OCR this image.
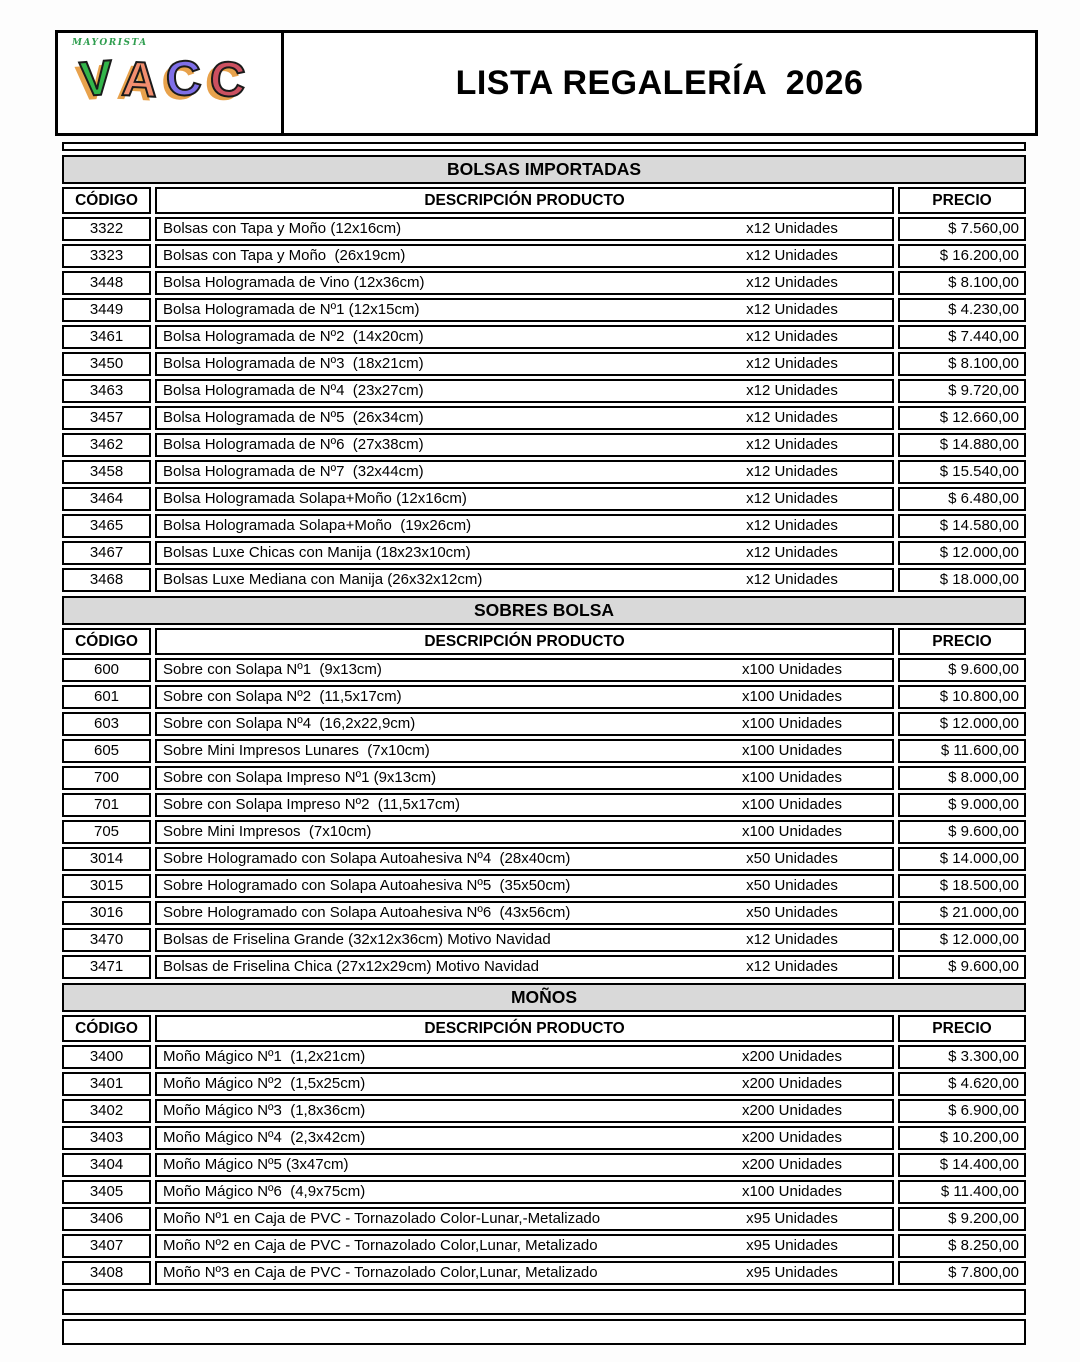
MAYORISTA
V A C C	LISTA REGALERÍA  2026
BOLSAS IMPORTADAS
CÓDIGO	DESCRIPCIÓN PRODUCTO	PRECIO
3322	Bolsas con Tapa y Moño (12x16cm)	x12 Unidades	$ 7.560,00
3323	Bolsas con Tapa y Moño  (26x19cm)	x12 Unidades	$ 16.200,00
3448	Bolsa Hologramada de Vino (12x36cm)	x12 Unidades	$ 8.100,00
3449	Bolsa Hologramada de Nº1 (12x15cm)	x12 Unidades	$ 4.230,00
3461	Bolsa Hologramada de Nº2  (14x20cm)	x12 Unidades	$ 7.440,00
3450	Bolsa Hologramada de Nº3  (18x21cm)	x12 Unidades	$ 8.100,00
3463	Bolsa Hologramada de Nº4  (23x27cm)	x12 Unidades	$ 9.720,00
3457	Bolsa Hologramada de Nº5  (26x34cm)	x12 Unidades	$ 12.660,00
3462	Bolsa Hologramada de Nº6  (27x38cm)	x12 Unidades	$ 14.880,00
3458	Bolsa Hologramada de Nº7  (32x44cm)	x12 Unidades	$ 15.540,00
3464	Bolsa Hologramada Solapa+Moño (12x16cm)	x12 Unidades	$ 6.480,00
3465	Bolsa Hologramada Solapa+Moño  (19x26cm)	x12 Unidades	$ 14.580,00
3467	Bolsas Luxe Chicas con Manija (18x23x10cm)	x12 Unidades	$ 12.000,00
3468	Bolsas Luxe Mediana con Manija (26x32x12cm)	x12 Unidades	$ 18.000,00
SOBRES BOLSA
CÓDIGO	DESCRIPCIÓN PRODUCTO	PRECIO
600	Sobre con Solapa Nº1  (9x13cm)	x100 Unidades	$ 9.600,00
601	Sobre con Solapa Nº2  (11,5x17cm)	x100 Unidades	$ 10.800,00
603	Sobre con Solapa Nº4  (16,2x22,9cm)	x100 Unidades	$ 12.000,00
605	Sobre Mini Impresos Lunares  (7x10cm)	x100 Unidades	$ 11.600,00
700	Sobre con Solapa Impreso Nº1 (9x13cm)	x100 Unidades	$ 8.000,00
701	Sobre con Solapa Impreso Nº2  (11,5x17cm)	x100 Unidades	$ 9.000,00
705	Sobre Mini Impresos  (7x10cm)	x100 Unidades	$ 9.600,00
3014	Sobre Hologramado con Solapa Autoahesiva Nº4  (28x40cm)	x50 Unidades	$ 14.000,00
3015	Sobre Hologramado con Solapa Autoahesiva Nº5  (35x50cm)	x50 Unidades	$ 18.500,00
3016	Sobre Hologramado con Solapa Autoahesiva Nº6  (43x56cm)	x50 Unidades	$ 21.000,00
3470	Bolsas de Friselina Grande (32x12x36cm) Motivo Navidad	x12 Unidades	$ 12.000,00
3471	Bolsas de Friselina Chica (27x12x29cm) Motivo Navidad	x12 Unidades	$ 9.600,00
MOÑOS
CÓDIGO	DESCRIPCIÓN PRODUCTO	PRECIO
3400	Moño Mágico Nº1  (1,2x21cm)	x200 Unidades	$ 3.300,00
3401	Moño Mágico Nº2  (1,5x25cm)	x200 Unidades	$ 4.620,00
3402	Moño Mágico Nº3  (1,8x36cm)	x200 Unidades	$ 6.900,00
3403	Moño Mágico Nº4  (2,3x42cm)	x200 Unidades	$ 10.200,00
3404	Moño Mágico Nº5 (3x47cm)	x200 Unidades	$ 14.400,00
3405	Moño Mágico Nº6  (4,9x75cm)	x100 Unidades	$ 11.400,00
3406	Moño Nº1 en Caja de PVC - Tornazolado Color-Lunar,-Metalizado	x95 Unidades	$ 9.200,00
3407	Moño Nº2 en Caja de PVC - Tornazolado Color,Lunar, Metalizado	x95 Unidades	$ 8.250,00
3408	Moño Nº3 en Caja de PVC - Tornazolado Color,Lunar, Metalizado	x95 Unidades	$ 7.800,00
